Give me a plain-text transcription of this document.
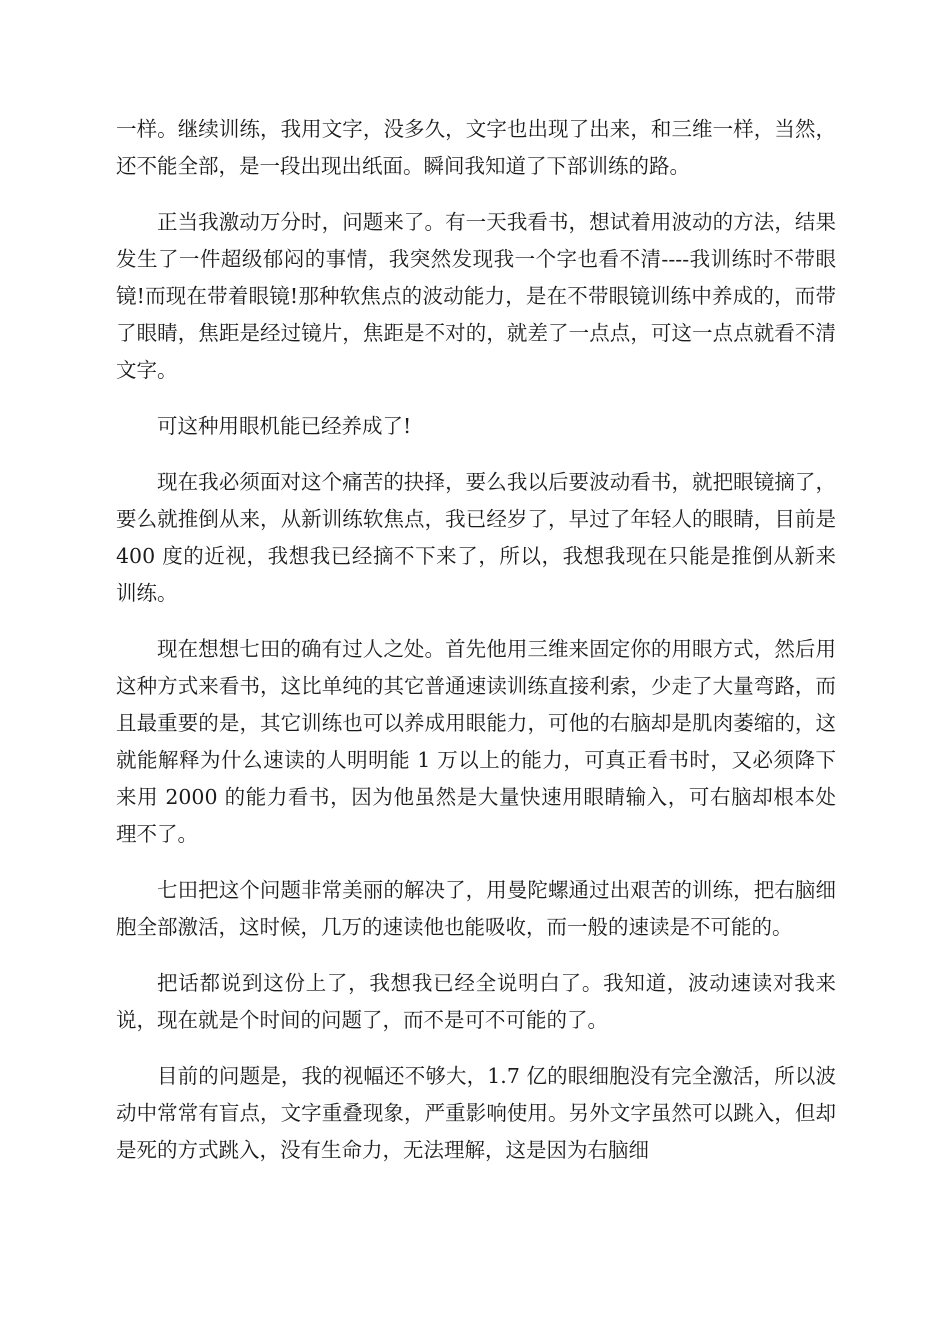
一样。继续训练，我用文字，没多久，文字也出现了出来，和三维一样，当然，还不能全部，是一段出现出纸面。瞬间我知道了下部训练的路。

正当我激动万分时，问题来了。有一天我看书，想试着用波动的方法，结果发生了一件超级郁闷的事情，我突然发现我一个字也看不清----我训练时不带眼镜!而现在带着眼镜!那种软焦点的波动能力，是在不带眼镜训练中养成的，而带了眼睛，焦距是经过镜片，焦距是不对的，就差了一点点，可这一点点就看不清文字。

可这种用眼机能已经养成了!

现在我必须面对这个痛苦的抉择，要么我以后要波动看书，就把眼镜摘了，要么就推倒从来，从新训练软焦点，我已经岁了，早过了年轻人的眼睛，目前是 400 度的近视，我想我已经摘不下来了，所以，我想我现在只能是推倒从新来训练。

现在想想七田的确有过人之处。首先他用三维来固定你的用眼方式，然后用这种方式来看书，这比单纯的其它普通速读训练直接利索，少走了大量弯路，而且最重要的是，其它训练也可以养成用眼能力，可他的右脑却是肌肉萎缩的，这就能解释为什么速读的人明明能 1 万以上的能力，可真正看书时，又必须降下来用 2000 的能力看书，因为他虽然是大量快速用眼睛输入，可右脑却根本处理不了。

七田把这个问题非常美丽的解决了，用曼陀螺通过出艰苦的训练，把右脑细胞全部激活，这时候，几万的速读他也能吸收，而一般的速读是不可能的。

把话都说到这份上了，我想我已经全说明白了。我知道，波动速读对我来说，现在就是个时间的问题了，而不是可不可能的了。

目前的问题是，我的视幅还不够大，1.7 亿的眼细胞没有完全激活，所以波动中常常有盲点，文字重叠现象，严重影响使用。另外文字虽然可以跳入，但却是死的方式跳入，没有生命力，无法理解，这是因为右脑细
